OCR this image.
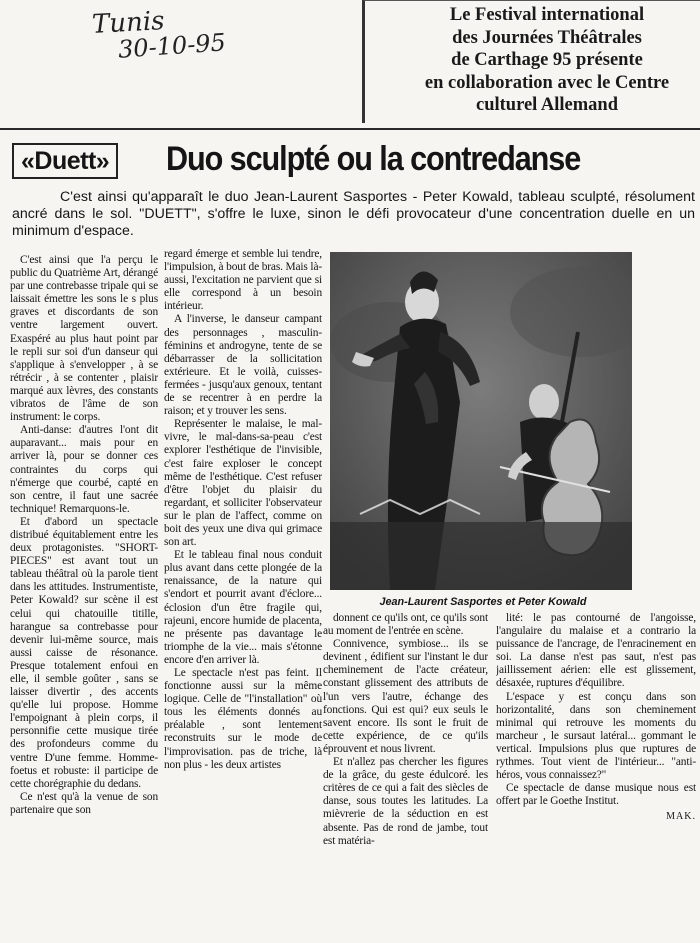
Tunis
30-10-95
Le Festival international
des Journées Théâtrales
de Carthage 95 présente
en collaboration avec le Centre
culturel Allemand
«Duett» Duo sculpté ou la contredanse
C'est ainsi qu'apparaît le duo Jean-Laurent Sasportes - Peter Kowald, tableau sculpté, résolument ancré dans le sol. "DUETT", s'offre le luxe, sinon le défi provocateur d'une concentration duelle en un minimum d'espace.

C'est ainsi que l'a perçu le public du Quatrième Art, dérangé par une contrebasse tripale qui se laissait émettre les sons le s plus graves et discordants de son ventre largement ouvert. Exaspéré au plus haut point par le repli sur soi d'un danseur qui s'applique à s'envelopper , à se rétrécir , à se contenter , plaisir marqué aux lèvres, des constants vibratos de l'âme de son instrument: le corps.

Anti-danse: d'autres l'ont dit auparavant... mais pour en arriver là, pour se donner ces contraintes du corps qui n'émerge que courbé, capté en son centre, il faut une sacrée technique! Remarquons-le.

Et d'abord un spectacle distribué équitablement entre les deux protagonistes. "SHORT-PIECES" est avant tout un tableau théâtral où la parole tient dans les attitudes. Instrumentiste, Peter Kowald? sur scène il est celui qui chatouille titille, harangue sa contrebasse pour devenir lui-même source, mais aussi caisse de résonance. Presque totalement enfoui en elle, il semble goûter , sans se laisser divertir , des accents qu'elle lui propose. Homme l'empoignant à plein corps, il personnifie cette musique tirée des profondeurs comme du ventre D'une femme. Homme-foetus et robuste: il participe de cette chorégraphie du dedans.

Ce n'est qu'à la venue de son partenaire que son

regard émerge et semble lui tendre, l'impulsion, à bout de bras. Mais là-aussi, l'excitation ne parvient que si elle correspond à un besoin intérieur.

A l'inverse, le danseur campant des personnages , masculin-féminins et androgyne, tente de se débarrasser de la sollicitation extérieure. Et le voilà, cuisses-fermées - jusqu'aux genoux, tentant de se recentrer à en perdre la raison; et y trouver les sens.

Représenter le malaise, le mal-vivre, le mal-dans-sa-peau c'est explorer l'esthétique de l'invisible, c'est faire exploser le concept même de l'esthétique. C'est refuser d'être l'objet du plaisir du regardant, et solliciter l'observateur sur le plan de l'affect, comme on boit des yeux une diva qui grimace son art.

Et le tableau final nous conduit plus avant dans cette plongée de la renaissance, de la nature qui s'endort et pourrit avant d'éclore... éclosion d'un être fragile qui, rajeuni, encore humide de placenta, ne présente pas davantage le triomphe de la vie... mais s'étonne encore d'en arriver là.

Le spectacle n'est pas feint. Il fonctionne aussi sur la même logique. Celle de "l'installation" où tous les éléments donnés au préalable , sont lentement reconstruits sur le mode de l'improvisation. pas de triche, là non plus - les deux artistes

Jean-Laurent Sasportes et Peter Kowald

donnent ce qu'ils ont, ce qu'ils sont au moment de l'entrée en scène.

Connivence, symbiose... ils se devinent , édifient sur l'instant le dur cheminement de l'acte créateur, constant glissement des attributs de l'un vers l'autre, échange des fonctions. Qui est qui? eux seuls le savent encore. Ils sont le fruit de cette expérience, de ce qu'ils éprouvent et nous livrent.

Et n'allez pas chercher les figures de la grâce, du geste édulcoré. les critères de ce qui a fait des siècles de danse, sous toutes les latitudes. La mièvrerie de la séduction en est absente. Pas de rond de jambe, tout est matéria-

lité: le pas contourné de l'angoisse, l'angulaire du malaise et a contrario la puissance de l'ancrage, de l'enracinement en soi. La danse n'est pas saut, n'est pas jaillissement aérien: elle est glissement, désaxée, ruptures d'équilibre.

L'espace y est conçu dans son horizontalité, dans son cheminement minimal qui retrouve les moments du marcheur , le sursaut latéral... gommant le vertical. Impulsions plus que ruptures de rythmes. Tout vient de l'intérieur... "anti-héros, vous connaissez?"

Ce spectacle de danse musique nous est offert par le Goethe Institut.

MAK.
